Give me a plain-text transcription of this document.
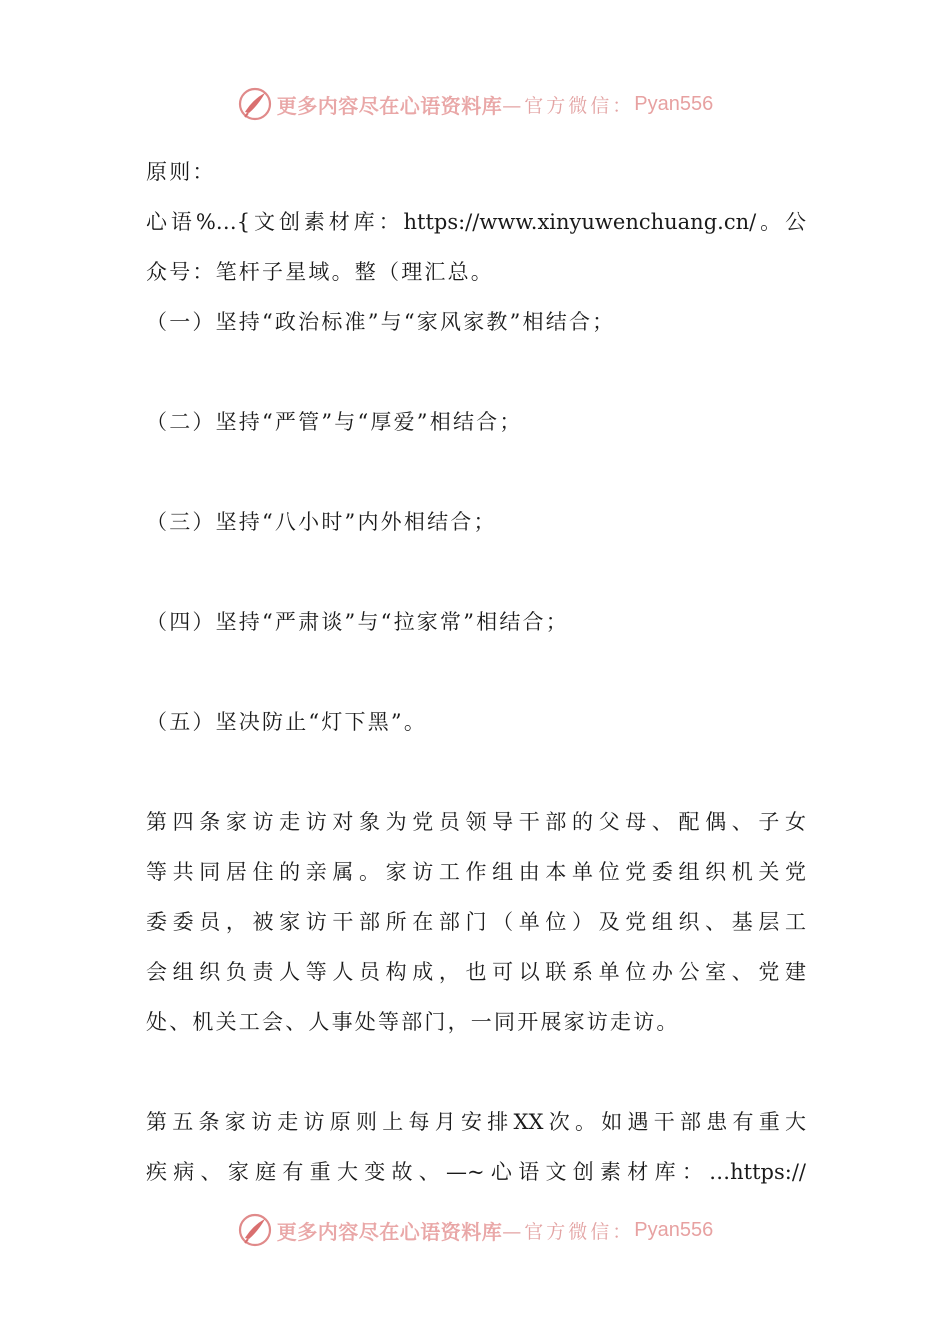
更多内容尽在心语资料库 —官方微信： Pyan556
原则：
心语%…{文创素材库：https://www.xinyuwenchuang.cn/。公
众号：笔杆子星域。整（理汇总。
（一）坚持“政治标准”与“家风家教”相结合；
（二）坚持“严管”与“厚爱”相结合；
（三）坚持“八小时”内外相结合；
（四）坚持“严肃谈”与“拉家常”相结合；
（五）坚决防止“灯下黑”。
第四条家访走访对象为党员领导干部的父母、配偶、子女
等共同居住的亲属。家访工作组由本单位党委组织机关党
委委员，被家访干部所在部门（单位）及党组织、基层工
会组织负责人等人员构成，也可以联系单位办公室、党建
处、机关工会、人事处等部门，一同开展家访走访。
第五条家访走访原则上每月安排XX次。如遇干部患有重大
疾病、家庭有重大变故、—~心语文创素材库：…https://
更多内容尽在心语资料库 —官方微信： Pyan556
